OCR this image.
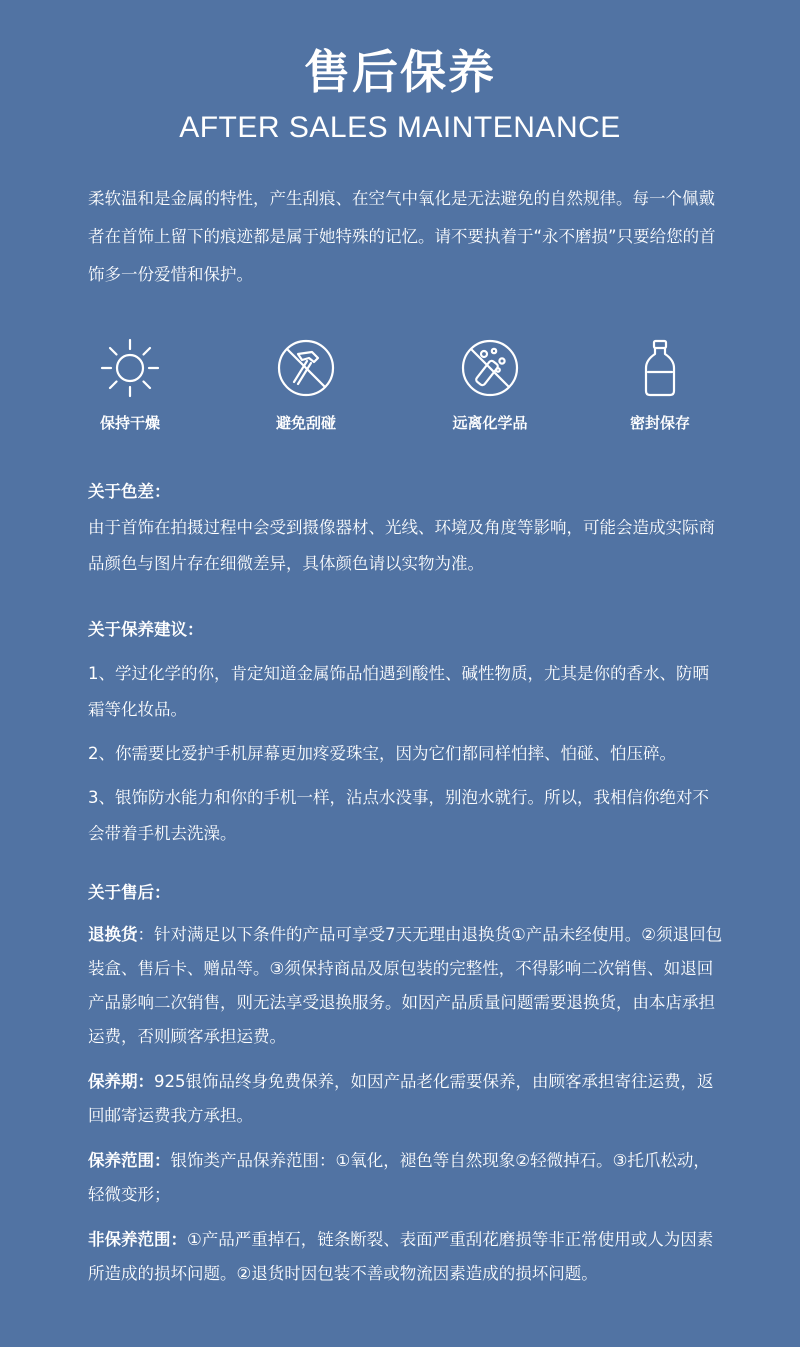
售后保养
AFTER SALES MAINTENANCE
柔软温和是金属的特性，产生刮痕、在空气中氧化是无法避免的自然规律。每一个佩戴者在首饰上留下的痕迹都是属于她特殊的记忆。请不要执着于“永不磨损”只要给您的首饰多一份爱惜和保护。
保持干燥	避免刮碰	远离化学品	密封保存
关于色差：
由于首饰在拍摄过程中会受到摄像器材、光线、环境及角度等影响，可能会造成实际商品颜色与图片存在细微差异，具体颜色请以实物为准。

关于保养建议：

1、学过化学的你，肯定知道金属饰品怕遇到酸性、碱性物质，尤其是你的香水、防晒霜等化妆品。

2、你需要比爱护手机屏幕更加疼爱珠宝，因为它们都同样怕摔、怕碰、怕压碎。

3、银饰防水能力和你的手机一样，沾点水没事，别泡水就行。所以，我相信你绝对不会带着手机去洗澡。

关于售后：

退换货：针对满足以下条件的产品可享受7天无理由退换货①产品未经使用。②须退回包装盒、售后卡、赠品等。③须保持商品及原包装的完整性，不得影响二次销售、如退回产品影响二次销售，则无法享受退换服务。如因产品质量问题需要退换货，由本店承担运费，否则顾客承担运费。

保养期：925银饰品终身免费保养，如因产品老化需要保养，由顾客承担寄往运费，返回邮寄运费我方承担。

保养范围：银饰类产品保养范围：①氧化，褪色等自然现象②轻微掉石。③托爪松动，轻微变形；

非保养范围：①产品严重掉石，链条断裂、表面严重刮花磨损等非正常使用或人为因素所造成的损坏问题。②退货时因包装不善或物流因素造成的损坏问题。
